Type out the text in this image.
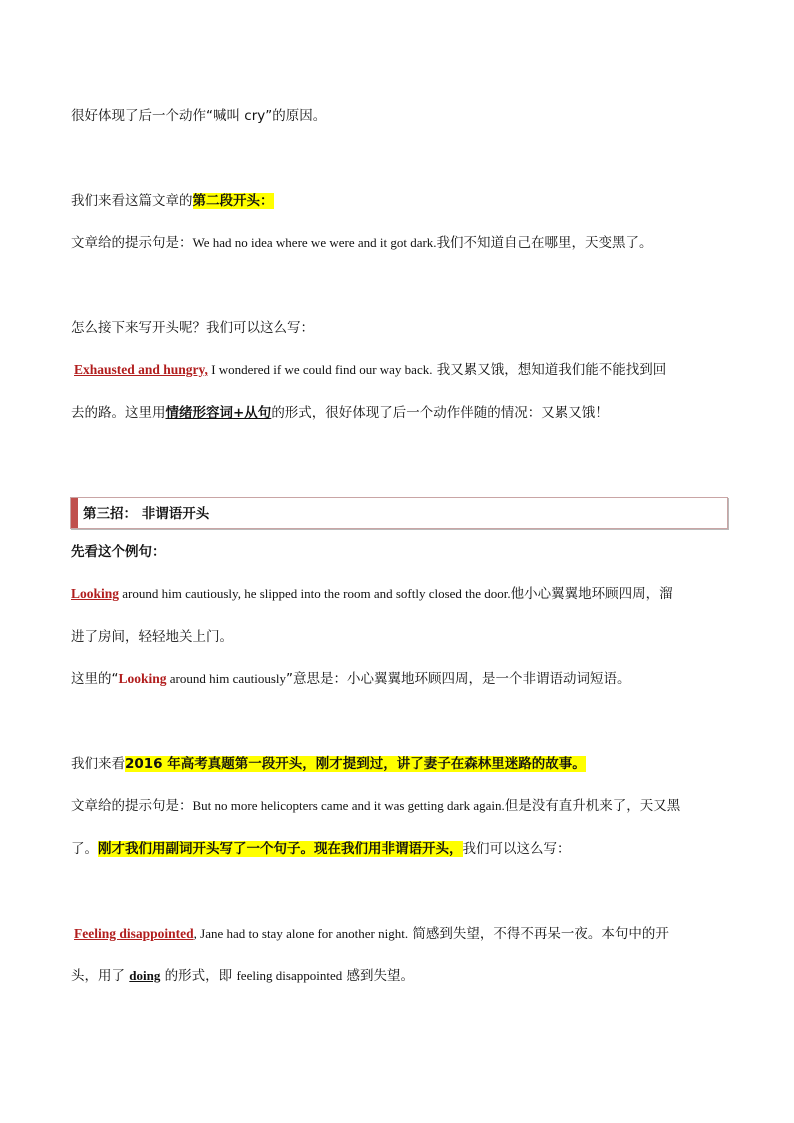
很好体现了后一个动作“喊叫 cry”的原因。
我们来看这篇文章的第二段开头：
文章给的提示句是：We had no idea where we were and it got dark.我们不知道自己在哪里，天变黑了。
怎么接下来写开头呢？我们可以这么写：
Exhausted and hungry, I wondered if we could find our way back. 我又累又饿，想知道我们能不能找到回
去的路。这里用情绪形容词+从句的形式，很好体现了后一个动作伴随的情况：又累又饿！
第三招： 非谓语开头
先看这个例句：
Looking around him cautiously, he slipped into the room and softly closed the door.他小心翼翼地环顾四周，溜
进了房间，轻轻地关上门。
这里的“Looking around him cautiously”意思是：小心翼翼地环顾四周，是一个非谓语动词短语。
我们来看2016 年高考真题第一段开头，刚才提到过，讲了妻子在森林里迷路的故事。
文章给的提示句是：But no more helicopters came and it was getting dark again.但是没有直升机来了，天又黑
了。刚才我们用副词开头写了一个句子。现在我们用非谓语开头，我们可以这么写：
Feeling disappointed, Jane had to stay alone for another night. 简感到失望，不得不再呆一夜。本句中的开
头，用了 doing 的形式，即 feeling disappointed 感到失望。
